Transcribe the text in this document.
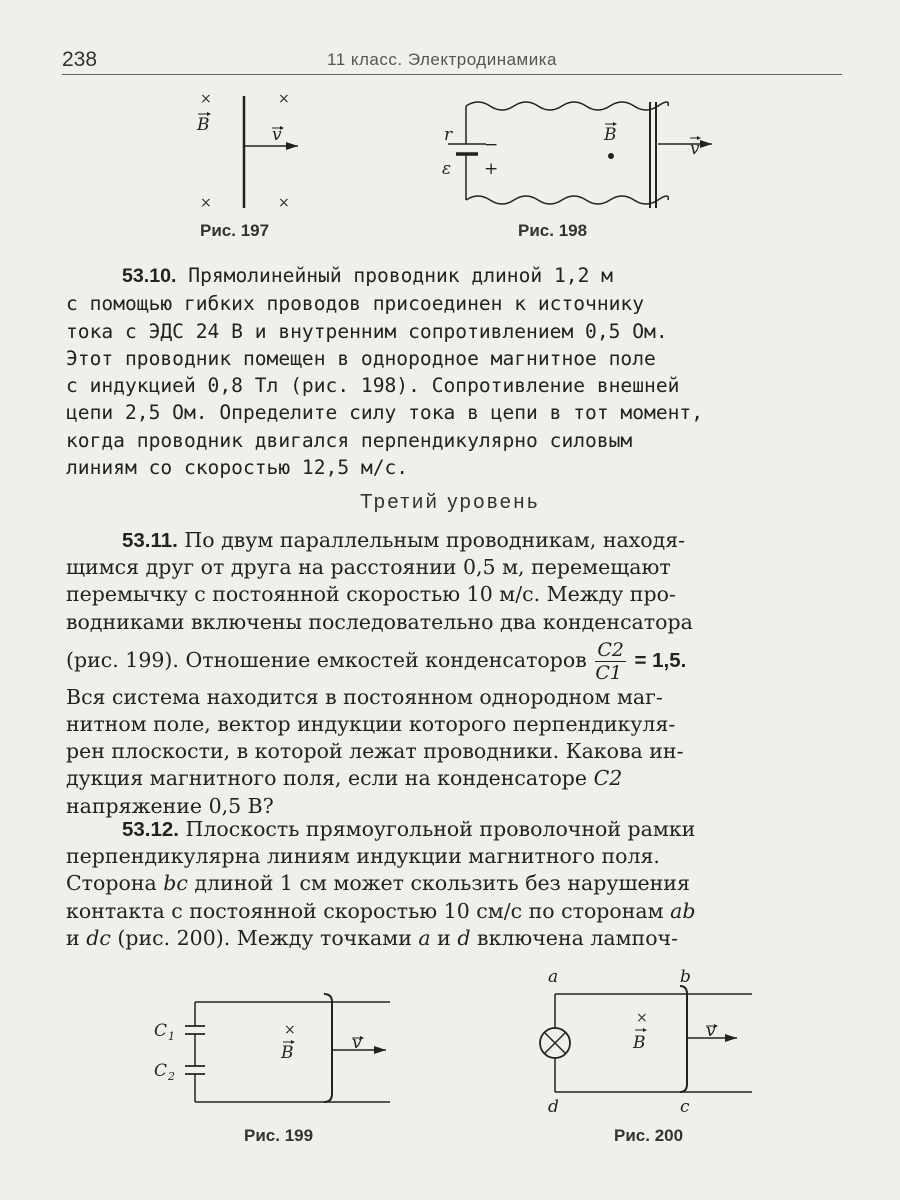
238	11 класс. Электродинамика
×	×
×	×
B	v
Рис. 197
r
ε
−
+
B
v
Рис. 198
53.10. Прямолинейный проводник длиной 1,2 м
с помощью гибких проводов присоединен к источнику
тока с ЭДС 24 В и внутренним сопротивлением 0,5 Ом.
Этот проводник помещен в однородное магнитное поле
с индукцией 0,8 Тл (рис. 198). Сопротивление внешней
цепи 2,5 Ом. Определите силу тока в цепи в тот момент,
когда проводник двигался перпендикулярно силовым
линиям со скоростью 12,5 м/с.
Третий уровень
53.11. По двум параллельным проводникам, находя-
щимся друг от друга на расстоянии 0,5 м, перемещают
перемычку с постоянной скоростью 10 м/с. Между про-
водниками включены последовательно два конденсатора
(рис. 199). Отношение емкостей конденсаторов $\frac{C2}{C1} = 1,5$.
Вся система находится в постоянном однородном маг-
нитном поле, вектор индукции которого перпендикуля-
рен плоскости, в которой лежат проводники. Какова ин-
дукция магнитного поля, если на конденсаторе C2
напряжение 0,5 В?
53.12. Плоскость прямоугольной проволочной рамки
перпендикулярна линиям индукции магнитного поля.
Сторона bc длиной 1 см может скользить без нарушения
контакта с постоянной скоростью 10 см/с по сторонам ab
и dc (рис. 200). Между точками a и d включена лампоч-
C 1
C 2
×
B	v
Рис. 199
a	b
d	c
×
B
v
Рис. 200
